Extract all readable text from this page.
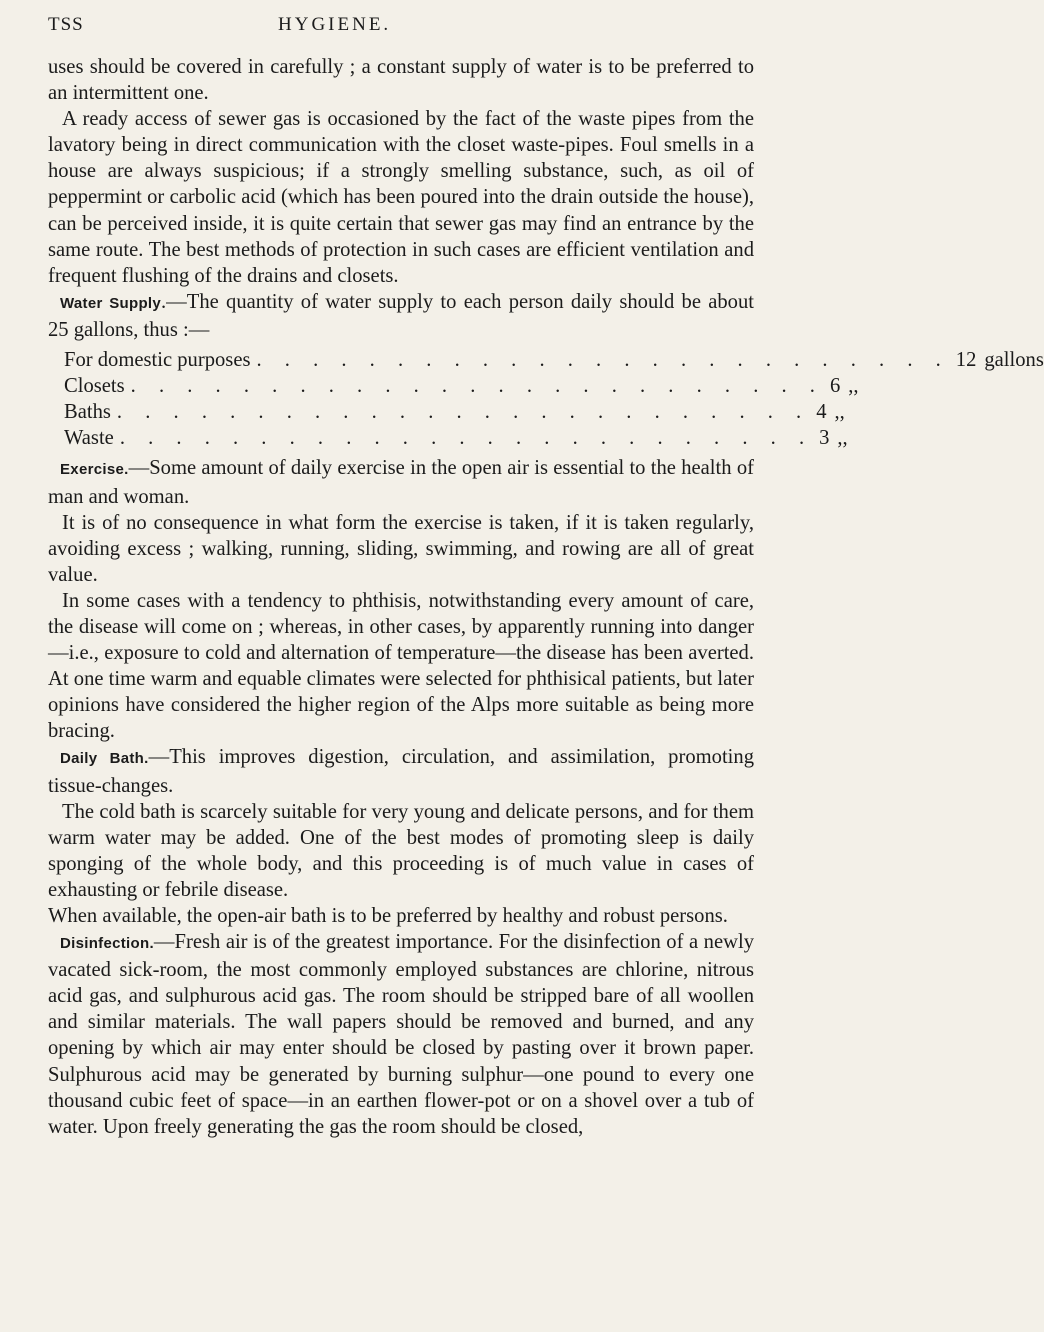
TSS	HYGIENE.

uses should be covered in carefully ; a constant supply of water is to be preferred to an intermittent one.

A ready access of sewer gas is occasioned by the fact of the waste pipes from the lavatory being in direct communication with the closet waste-pipes. Foul smells in a house are always suspicious; if a strongly smelling substance, such, as oil of peppermint or carbolic acid (which has been poured into the drain outside the house), can be perceived inside, it is quite certain that sewer gas may find an entrance by the same route. The best methods of protection in such cases are efficient ventilation and frequent flushing of the drains and closets.

Water Supply.—The quantity of water supply to each person daily should be about 25 gallons, thus :—

For domestic purposes . . . . . . . . . . . . . . . . . . . . . . . . . 12 gallons
Closets . . . . . . . . . . . . . . . . . . . . . . . . . 6 ,,
Baths . . . . . . . . . . . . . . . . . . . . . . . . . 4 ,,
Waste . . . . . . . . . . . . . . . . . . . . . . . . . 3 ,,

Exercise.—Some amount of daily exercise in the open air is essential to the health of man and woman.

It is of no consequence in what form the exercise is taken, if it is taken regularly, avoiding excess ; walking, running, sliding, swimming, and rowing are all of great value.

In some cases with a tendency to phthisis, notwithstanding every amount of care, the disease will come on ; whereas, in other cases, by apparently running into danger—i.e., exposure to cold and alternation of temperature—the disease has been averted. At one time warm and equable climates were selected for phthisical patients, but later opinions have considered the higher region of the Alps more suitable as being more bracing.

Daily Bath.—This improves digestion, circulation, and assimilation, promoting tissue-changes.

The cold bath is scarcely suitable for very young and delicate persons, and for them warm water may be added. One of the best modes of promoting sleep is daily sponging of the whole body, and this proceeding is of much value in cases of exhausting or febrile disease.

When available, the open-air bath is to be preferred by healthy and robust persons.

Disinfection.—Fresh air is of the greatest importance. For the disinfection of a newly vacated sick-room, the most commonly employed substances are chlorine, nitrous acid gas, and sulphurous acid gas. The room should be stripped bare of all woollen and similar materials. The wall papers should be removed and burned, and any opening by which air may enter should be closed by pasting over it brown paper. Sulphurous acid may be generated by burning sulphur—one pound to every one thousand cubic feet of space—in an earthen flower-pot or on a shovel over a tub of water. Upon freely generating the gas the room should be closed,
